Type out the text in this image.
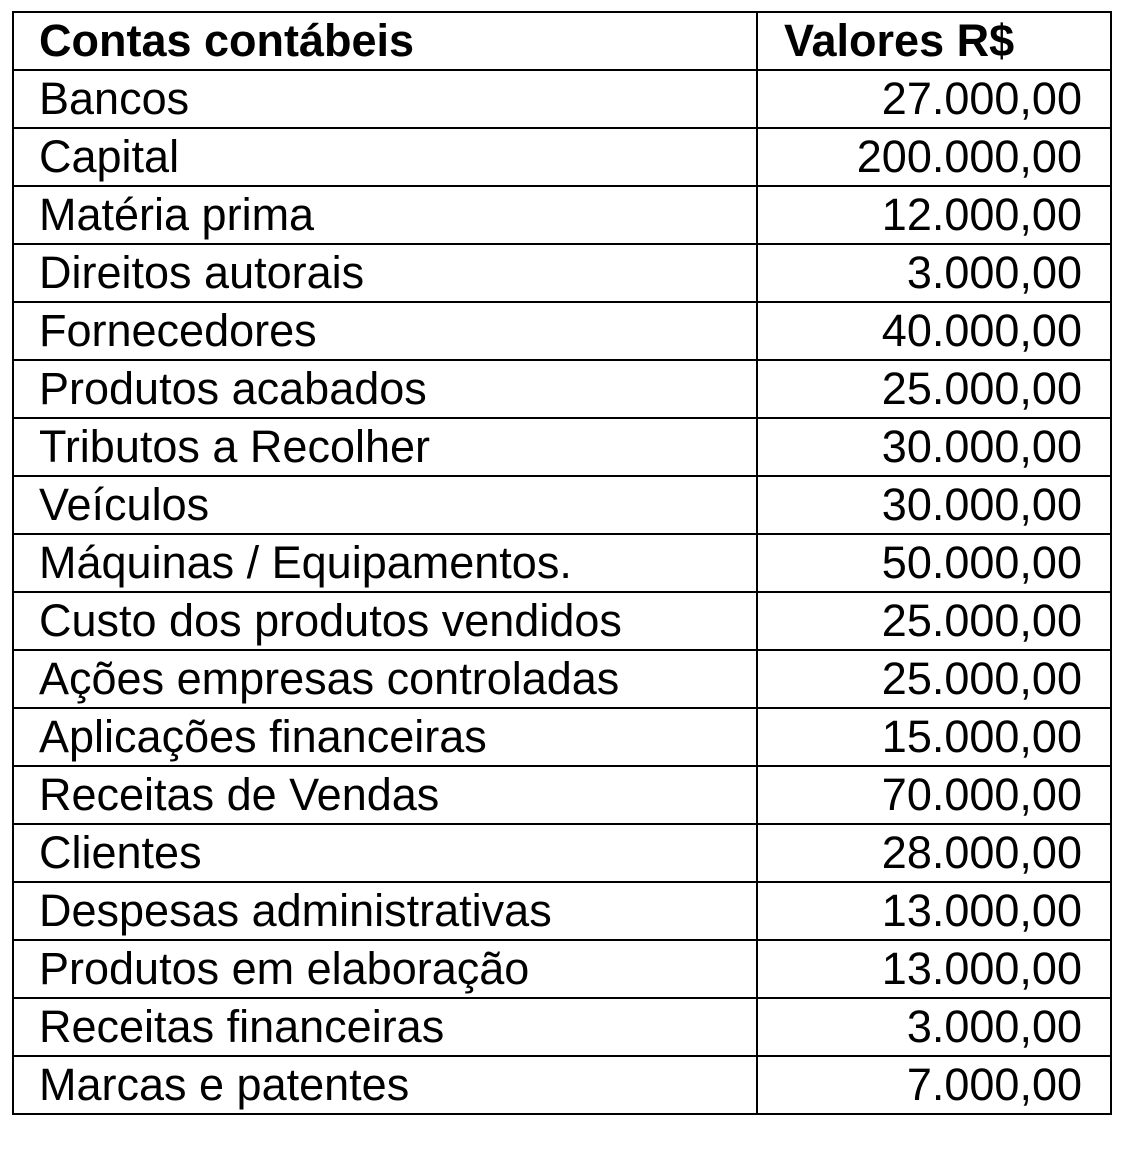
Contas contábeis	Valores R$
Bancos	27.000,00
Capital	200.000,00
Matéria prima	12.000,00
Direitos autorais	3.000,00
Fornecedores	40.000,00
Produtos acabados	25.000,00
Tributos a Recolher	30.000,00
Veículos	30.000,00
Máquinas / Equipamentos.	50.000,00
Custo dos produtos vendidos	25.000,00
Ações empresas controladas	25.000,00
Aplicações financeiras	15.000,00
Receitas de Vendas	70.000,00
Clientes	28.000,00
Despesas administrativas	13.000,00
Produtos em elaboração	13.000,00
Receitas financeiras	3.000,00
Marcas e patentes	7.000,00
